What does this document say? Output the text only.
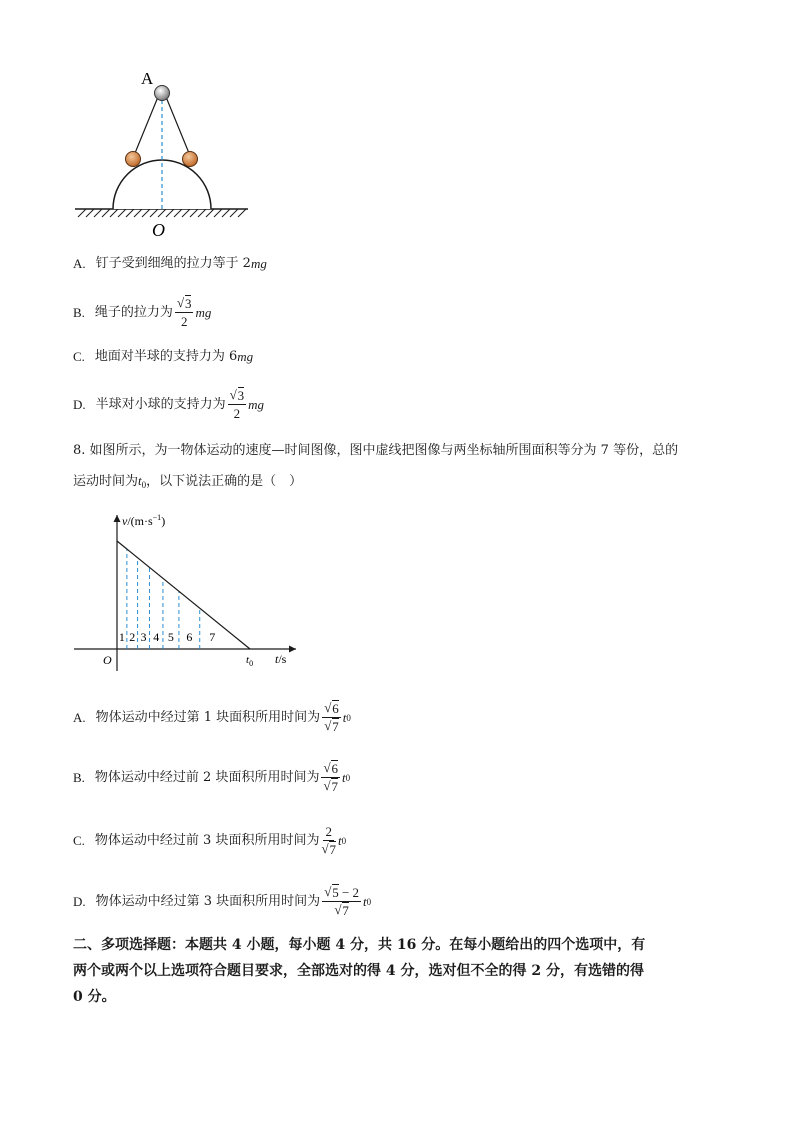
A
O
A. 钉子受到细绳的拉力等于 2 mg
B. 绳子的拉力为 √ $\frac{3}{2}$ mg
C. 地面对半球的支持力为 6 mg
D. 半球对小球的支持力为 √ $\frac{3}{2}$ mg
8. 如图所示，为一物体运动的速度—时间图像，图中虚线把图像与两坐标轴所围面积等分为 7 等份，总的
运动时间为$t_0$，以下说法正确的是（　）
1 2 3 4 5 6 7
$v/(m\cdot s^{-1})$
O	$t_0$ t/s
A. 物体运动中经过第 1 块面积所用时间为 √ 6
√ 7 t 0
B. 物体运动中经过前 2 块面积所用时间为 √ 6
√ 7 t 0
C. 物体运动中经过前 3 块面积所用时间为 2
√ 7 t 0
D. 物体运动中经过第 3 块面积所用时间为 √ 5 − 2
√ 7 t 0
二、多项选择题：本题共 4 小题，每小题 4 分，共 16 分。在每小题给出的四个选项中，有
两个或两个以上选项符合题目要求，全部选对的得 4 分，选对但不全的得 2 分，有选错的得
0 分。
